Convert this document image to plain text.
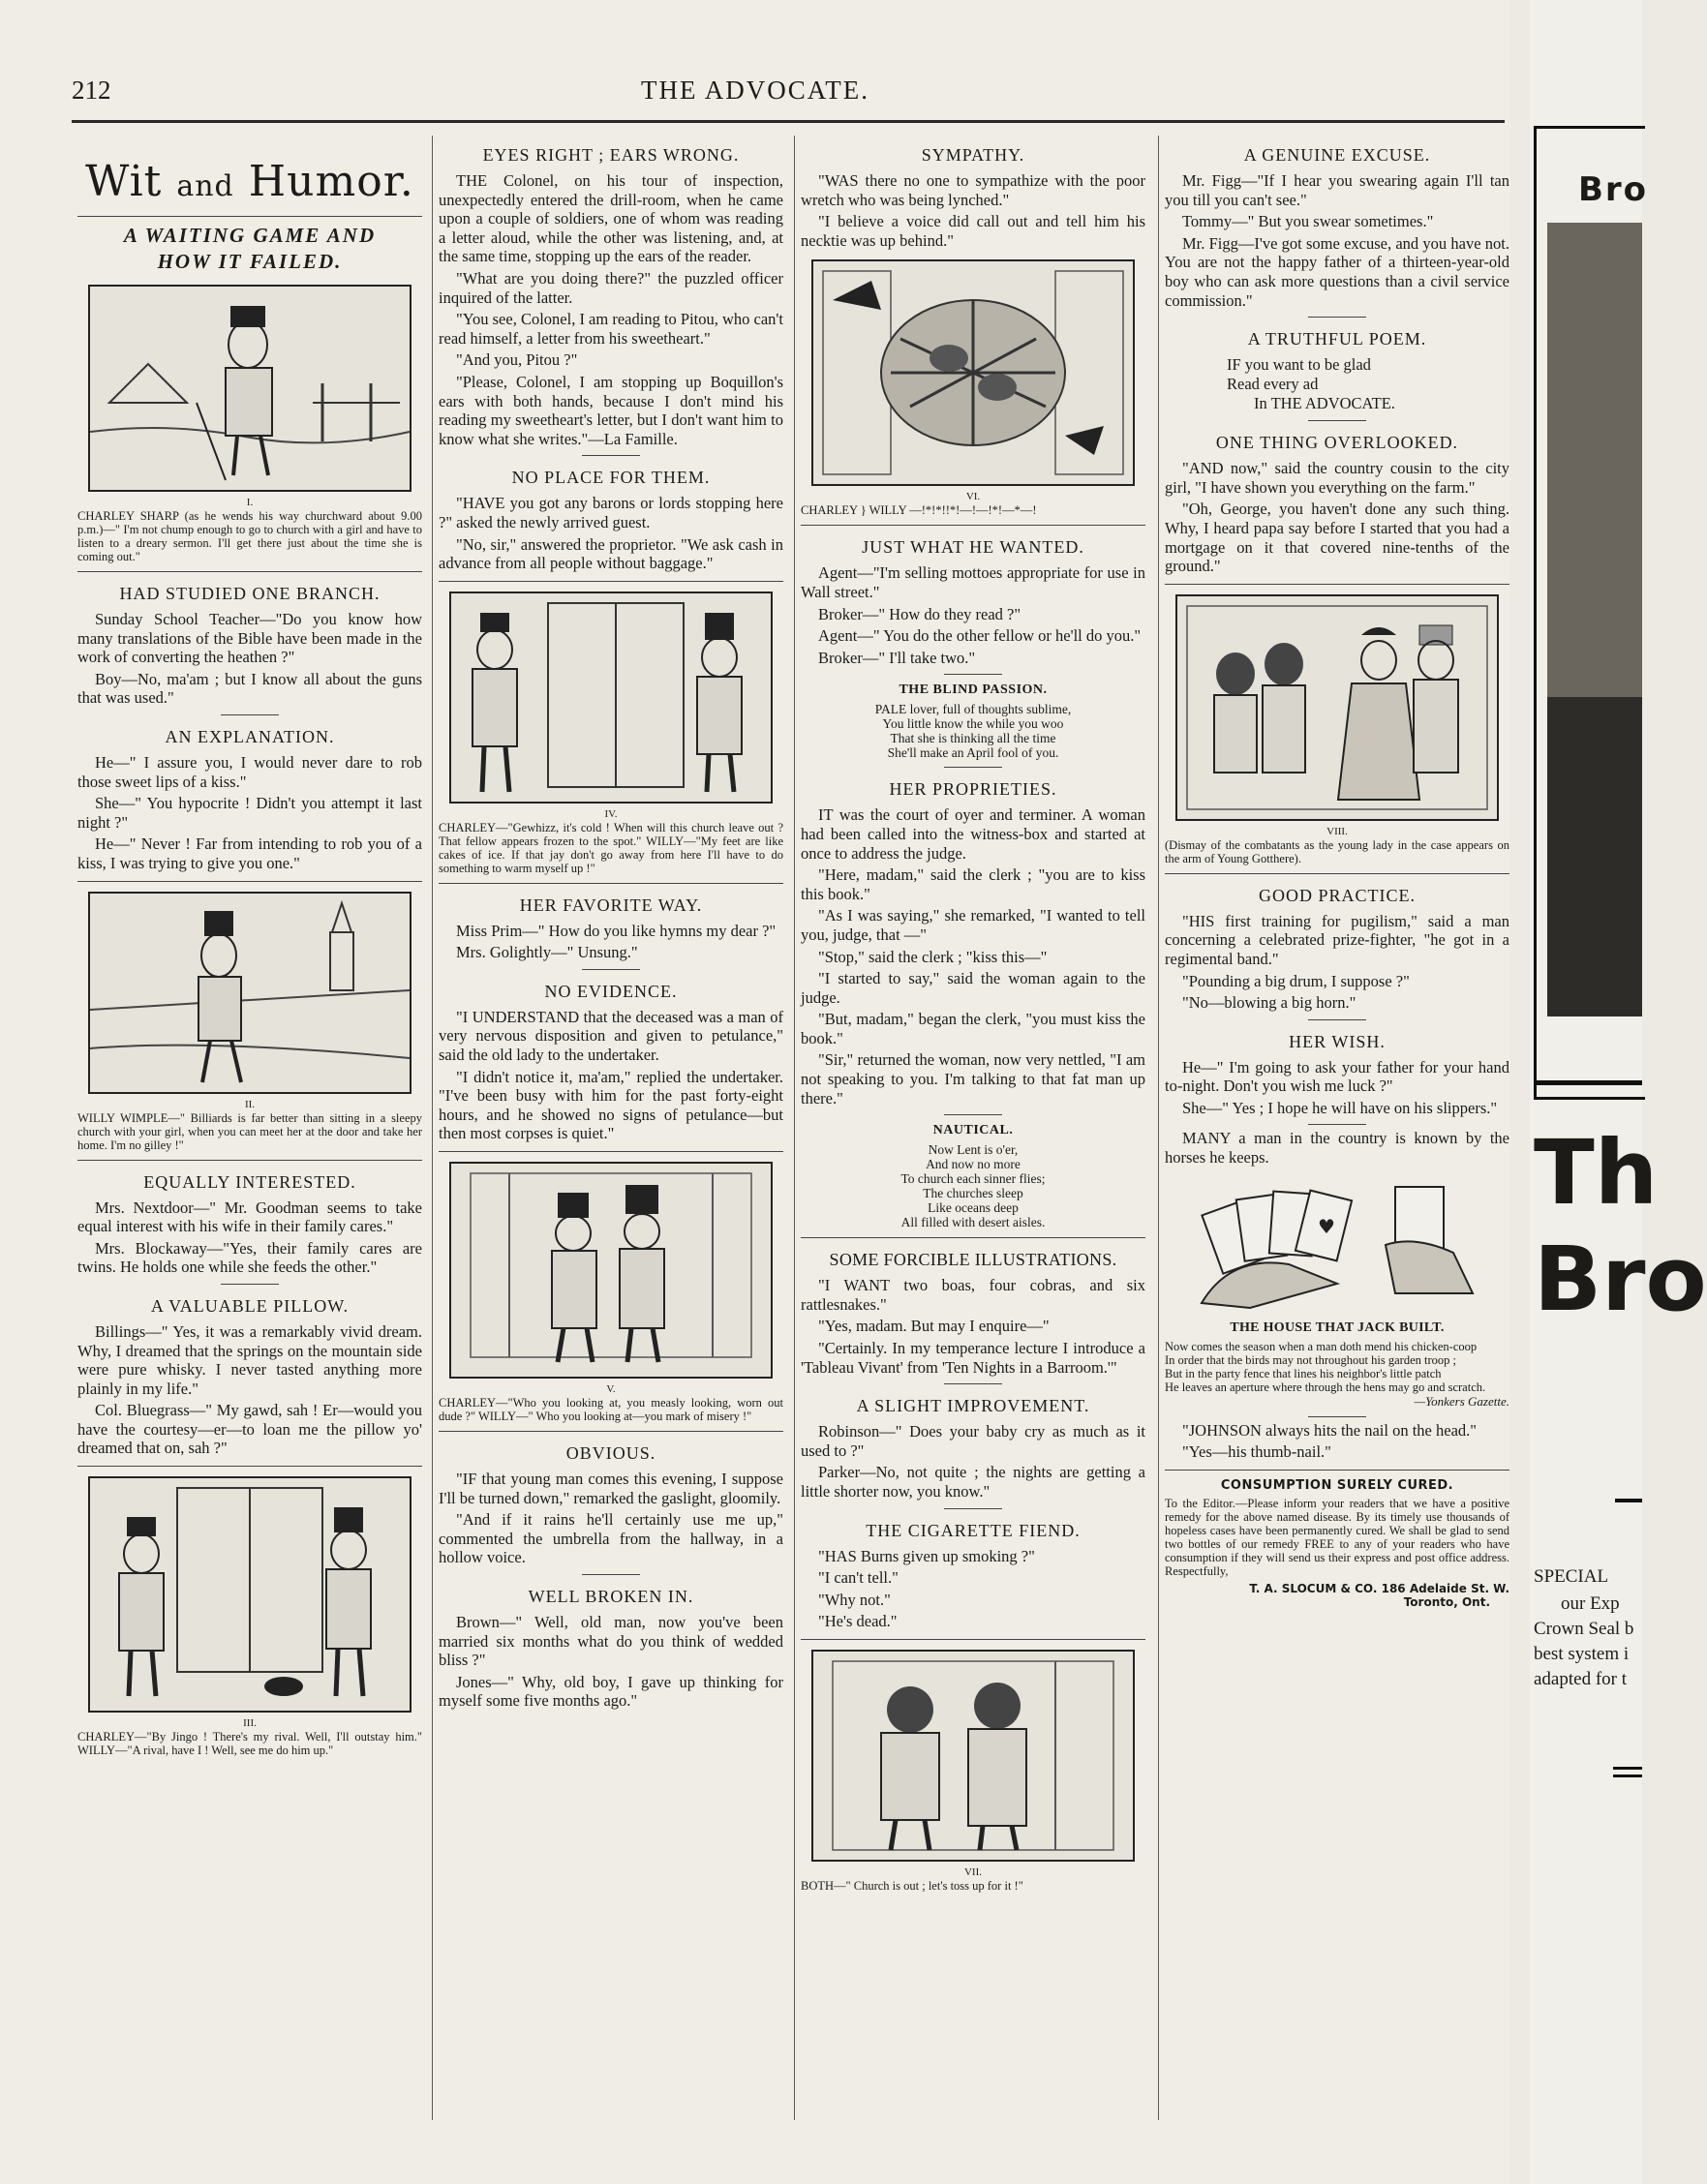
212	THE ADVOCATE.
Wit and Humor.
A WAITING GAME AND
HOW IT FAILED.
I.
CHARLEY SHARP (as he wends his way churchward about 9.00 p.m.)—" I'm not chump enough to go to church with a girl and have to listen to a dreary sermon. I'll get there just about the time she is coming out."
HAD STUDIED ONE BRANCH.

Sunday School Teacher—"Do you know how many translations of the Bible have been made in the work of converting the heathen ?"

Boy—No, ma'am ; but I know all about the guns that was used."

AN EXPLANATION.

He—" I assure you, I would never dare to rob those sweet lips of a kiss."

She—" You hypocrite ! Didn't you attempt it last night ?"

He—" Never ! Far from intending to rob you of a kiss, I was trying to give you one."

II.
WILLY WIMPLE—" Billiards is far better than sitting in a sleepy church with your girl, when you can meet her at the door and take her home. I'm no gilley !"
EQUALLY INTERESTED.

Mrs. Nextdoor—" Mr. Goodman seems to take equal interest with his wife in their family cares."

Mrs. Blockaway—"Yes, their family cares are twins. He holds one while she feeds the other."

A VALUABLE PILLOW.

Billings—" Yes, it was a remarkably vivid dream. Why, I dreamed that the springs on the mountain side were pure whisky. I never tasted anything more plainly in my life."

Col. Bluegrass—" My gawd, sah ! Er—would you have the courtesy—er—to loan me the pillow yo' dreamed that on, sah ?"

III.
CHARLEY—"By Jingo ! There's my rival. Well, I'll outstay him." WILLY—"A rival, have I ! Well, see me do him up."
EYES RIGHT ; EARS WRONG.

THE Colonel, on his tour of inspection, unexpectedly entered the drill-room, when he came upon a couple of soldiers, one of whom was reading a letter aloud, while the other was listening, and, at the same time, stopping up the ears of the reader.

"What are you doing there?" the puzzled officer inquired of the latter.

"You see, Colonel, I am reading to Pitou, who can't read himself, a letter from his sweetheart."

"And you, Pitou ?"

"Please, Colonel, I am stopping up Boquillon's ears with both hands, because I don't mind his reading my sweetheart's letter, but I don't want him to know what she writes."—La Famille.

NO PLACE FOR THEM.

"HAVE you got any barons or lords stopping here ?" asked the newly arrived guest.

"No, sir," answered the proprietor. "We ask cash in advance from all people without baggage."

IV.
CHARLEY—"Gewhizz, it's cold ! When will this church leave out ? That fellow appears frozen to the spot." WILLY—"My feet are like cakes of ice. If that jay don't go away from here I'll have to do something to warm myself up !"
HER FAVORITE WAY.

Miss Prim—" How do you like hymns my dear ?"

Mrs. Golightly—" Unsung."

NO EVIDENCE.

"I UNDERSTAND that the deceased was a man of very nervous disposition and given to petulance," said the old lady to the undertaker.

"I didn't notice it, ma'am," replied the undertaker. "I've been busy with him for the past forty-eight hours, and he showed no signs of petulance—but then most corpses is quiet."

V.
CHARLEY—"Who you looking at, you measly looking, worn out dude ?" WILLY—" Who you looking at—you mark of misery !"
OBVIOUS.

"IF that young man comes this evening, I suppose I'll be turned down," remarked the gaslight, gloomily.

"And if it rains he'll certainly use me up," commented the umbrella from the hallway, in a hollow voice.

WELL BROKEN IN.

Brown—" Well, old man, now you've been married six months what do you think of wedded bliss ?"

Jones—" Why, old boy, I gave up thinking for myself some five months ago."

SYMPATHY.

"WAS there no one to sympathize with the poor wretch who was being lynched."

"I believe a voice did call out and tell him his necktie was up behind."

VI.
CHARLEY } WILLY —!*!*!!*!—!—!*!—*—!
JUST WHAT HE WANTED.

Agent—"I'm selling mottoes appropriate for use in Wall street."

Broker—" How do they read ?"

Agent—" You do the other fellow or he'll do you."

Broker—" I'll take two."

THE BLIND PASSION.
PALE lover, full of thoughts sublime,
You little know the while you woo
That she is thinking all the time
She'll make an April fool of you.
HER PROPRIETIES.

IT was the court of oyer and terminer. A woman had been called into the witness-box and started at once to address the judge.

"Here, madam," said the clerk ; "you are to kiss this book."

"As I was saying," she remarked, "I wanted to tell you, judge, that —"

"Stop," said the clerk ; "kiss this—"

"I started to say," said the woman again to the judge.

"But, madam," began the clerk, "you must kiss the book."

"Sir," returned the woman, now very nettled, "I am not speaking to you. I'm talking to that fat man up there."

NAUTICAL.
Now Lent is o'er,
And now no more
To church each sinner flies;
The churches sleep
Like oceans deep
All filled with desert aisles.
SOME FORCIBLE ILLUSTRATIONS.

"I WANT two boas, four cobras, and six rattlesnakes."

"Yes, madam. But may I enquire—"

"Certainly. In my temperance lecture I introduce a 'Tableau Vivant' from 'Ten Nights in a Barroom.'"

A SLIGHT IMPROVEMENT.

Robinson—" Does your baby cry as much as it used to ?"

Parker—No, not quite ; the nights are getting a little shorter now, you know."

THE CIGARETTE FIEND.

"HAS Burns given up smoking ?"

"I can't tell."

"Why not."

"He's dead."

VII.
BOTH—" Church is out ; let's toss up for it !"
A GENUINE EXCUSE.

Mr. Figg—"If I hear you swearing again I'll tan you till you can't see."

Tommy—" But you swear sometimes."

Mr. Figg—I've got some excuse, and you have not. You are not the happy father of a thirteen-year-old boy who can ask more questions than a civil service commission."

A TRUTHFUL POEM.
IF you want to be glad
Read every ad
In THE ADVOCATE.
ONE THING OVERLOOKED.

"AND now," said the country cousin to the city girl, "I have shown you everything on the farm."

"Oh, George, you haven't done any such thing. Why, I heard papa say before I started that you had a mortgage on it that covered nine-tenths of the ground."

VIII.
(Dismay of the combatants as the young lady in the case appears on the arm of Young Gotthere).
GOOD PRACTICE.

"HIS first training for pugilism," said a man concerning a celebrated prize-fighter, "he got in a regimental band."

"Pounding a big drum, I suppose ?"

"No—blowing a big horn."

HER WISH.

He—" I'm going to ask your father for your hand to-night. Don't you wish me luck ?"

She—" Yes ; I hope he will have on his slippers."

MANY a man in the country is known by the horses he keeps.

♥
THE HOUSE THAT JACK BUILT.
Now comes the season when a man doth mend his chicken-coop
In order that the birds may not throughout his garden troop ;
But in the party fence that lines his neighbor's little patch
He leaves an aperture where through the hens may go and scratch.
—Yonkers Gazette.

"JOHNSON always hits the nail on the head."

"Yes—his thumb-nail."

CONSUMPTION SURELY CURED.
To the Editor.—Please inform your readers that we have a positive remedy for the above named disease. By its timely use thousands of hopeless cases have been permanently cured. We shall be glad to send two bottles of our remedy FREE to any of your readers who have consumption if they will send us their express and post office address. Respectfully,
T. A. SLOCUM & CO. 186 Adelaide St. W.
Toronto, Ont.
Bro
Th
Bro
SPECIAL
our Exp
Crown Seal b
best system i
adapted for t
